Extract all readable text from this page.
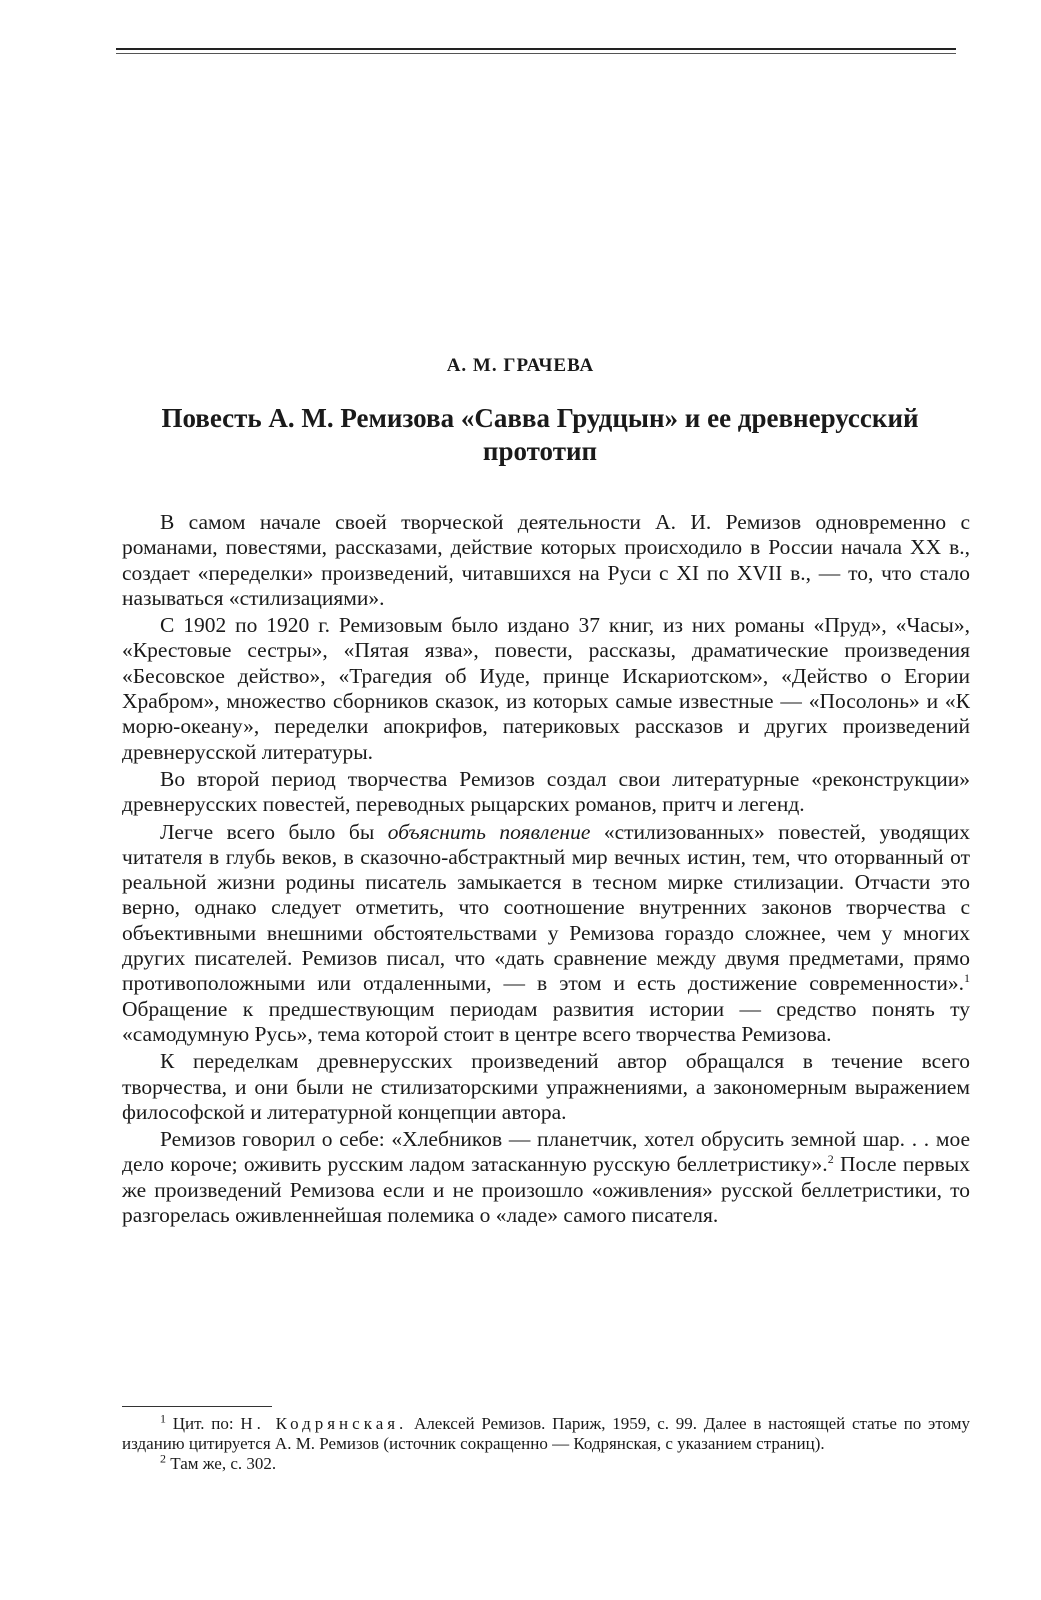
А. М. ГРАЧЕВА
Повесть А. М. Ремизова «Савва Грудцын» и ее древнерусский прототип

В самом начале своей творческой деятельности А. И. Ремизов одновременно с романами, повестями, рассказами, действие которых происходило в России начала XX в., создает «переделки» произведений, читавшихся на Руси с XI по XVII в., — то, что стало называться «стилизациями».

С 1902 по 1920 г. Ремизовым было издано 37 книг, из них романы «Пруд», «Часы», «Крестовые сестры», «Пятая язва», повести, рассказы, драматические произведения «Бесовское действо», «Трагедия об Иуде, принце Искариотском», «Действо о Егории Храбром», множество сборников сказок, из которых самые известные — «Посолонь» и «К морю-океану», переделки апокрифов, патериковых рассказов и других произведений древнерусской литературы.

Во второй период творчества Ремизов создал свои литературные «реконструкции» древнерусских повестей, переводных рыцарских романов, притч и легенд.

Легче всего было бы объяснить появление «стилизованных» повестей, уводящих читателя в глубь веков, в сказочно-абстрактный мир вечных истин, тем, что оторванный от реальной жизни родины писатель замыкается в тесном мирке стилизации. Отчасти это верно, однако следует отметить, что соотношение внутренних законов творчества с объективными внешними обстоятельствами у Ремизова гораздо сложнее, чем у многих других писателей. Ремизов писал, что «дать сравнение между двумя предметами, прямо противоположными или отдаленными, — в этом и есть достижение современности».$^1$ Обращение к предшествующим периодам развития истории — средство понять ту «самодумную Русь», тема которой стоит в центре всего творчества Ремизова.

К переделкам древнерусских произведений автор обращался в течение всего творчества, и они были не стилизаторскими упражнениями, а закономерным выражением философской и литературной концепции автора.

Ремизов говорил о себе: «Хлебников — планетчик, хотел обрусить земной шар. . . мое дело короче; оживить русским ладом затасканную русскую беллетристику».$^2$ После первых же произведений Ремизова если и не произошло «оживления» русской беллетристики, то разгорелась оживленнейшая полемика о «ладе» самого писателя.

$^1$ Цит. по: Н. Кодрянская. Алексей Ремизов. Париж, 1959, с. 99. Далее в настоящей статье по этому изданию цитируется А. М. Ремизов (источник сокращенно — Кодрянская, с указанием страниц).

$^2$ Там же, с. 302.
